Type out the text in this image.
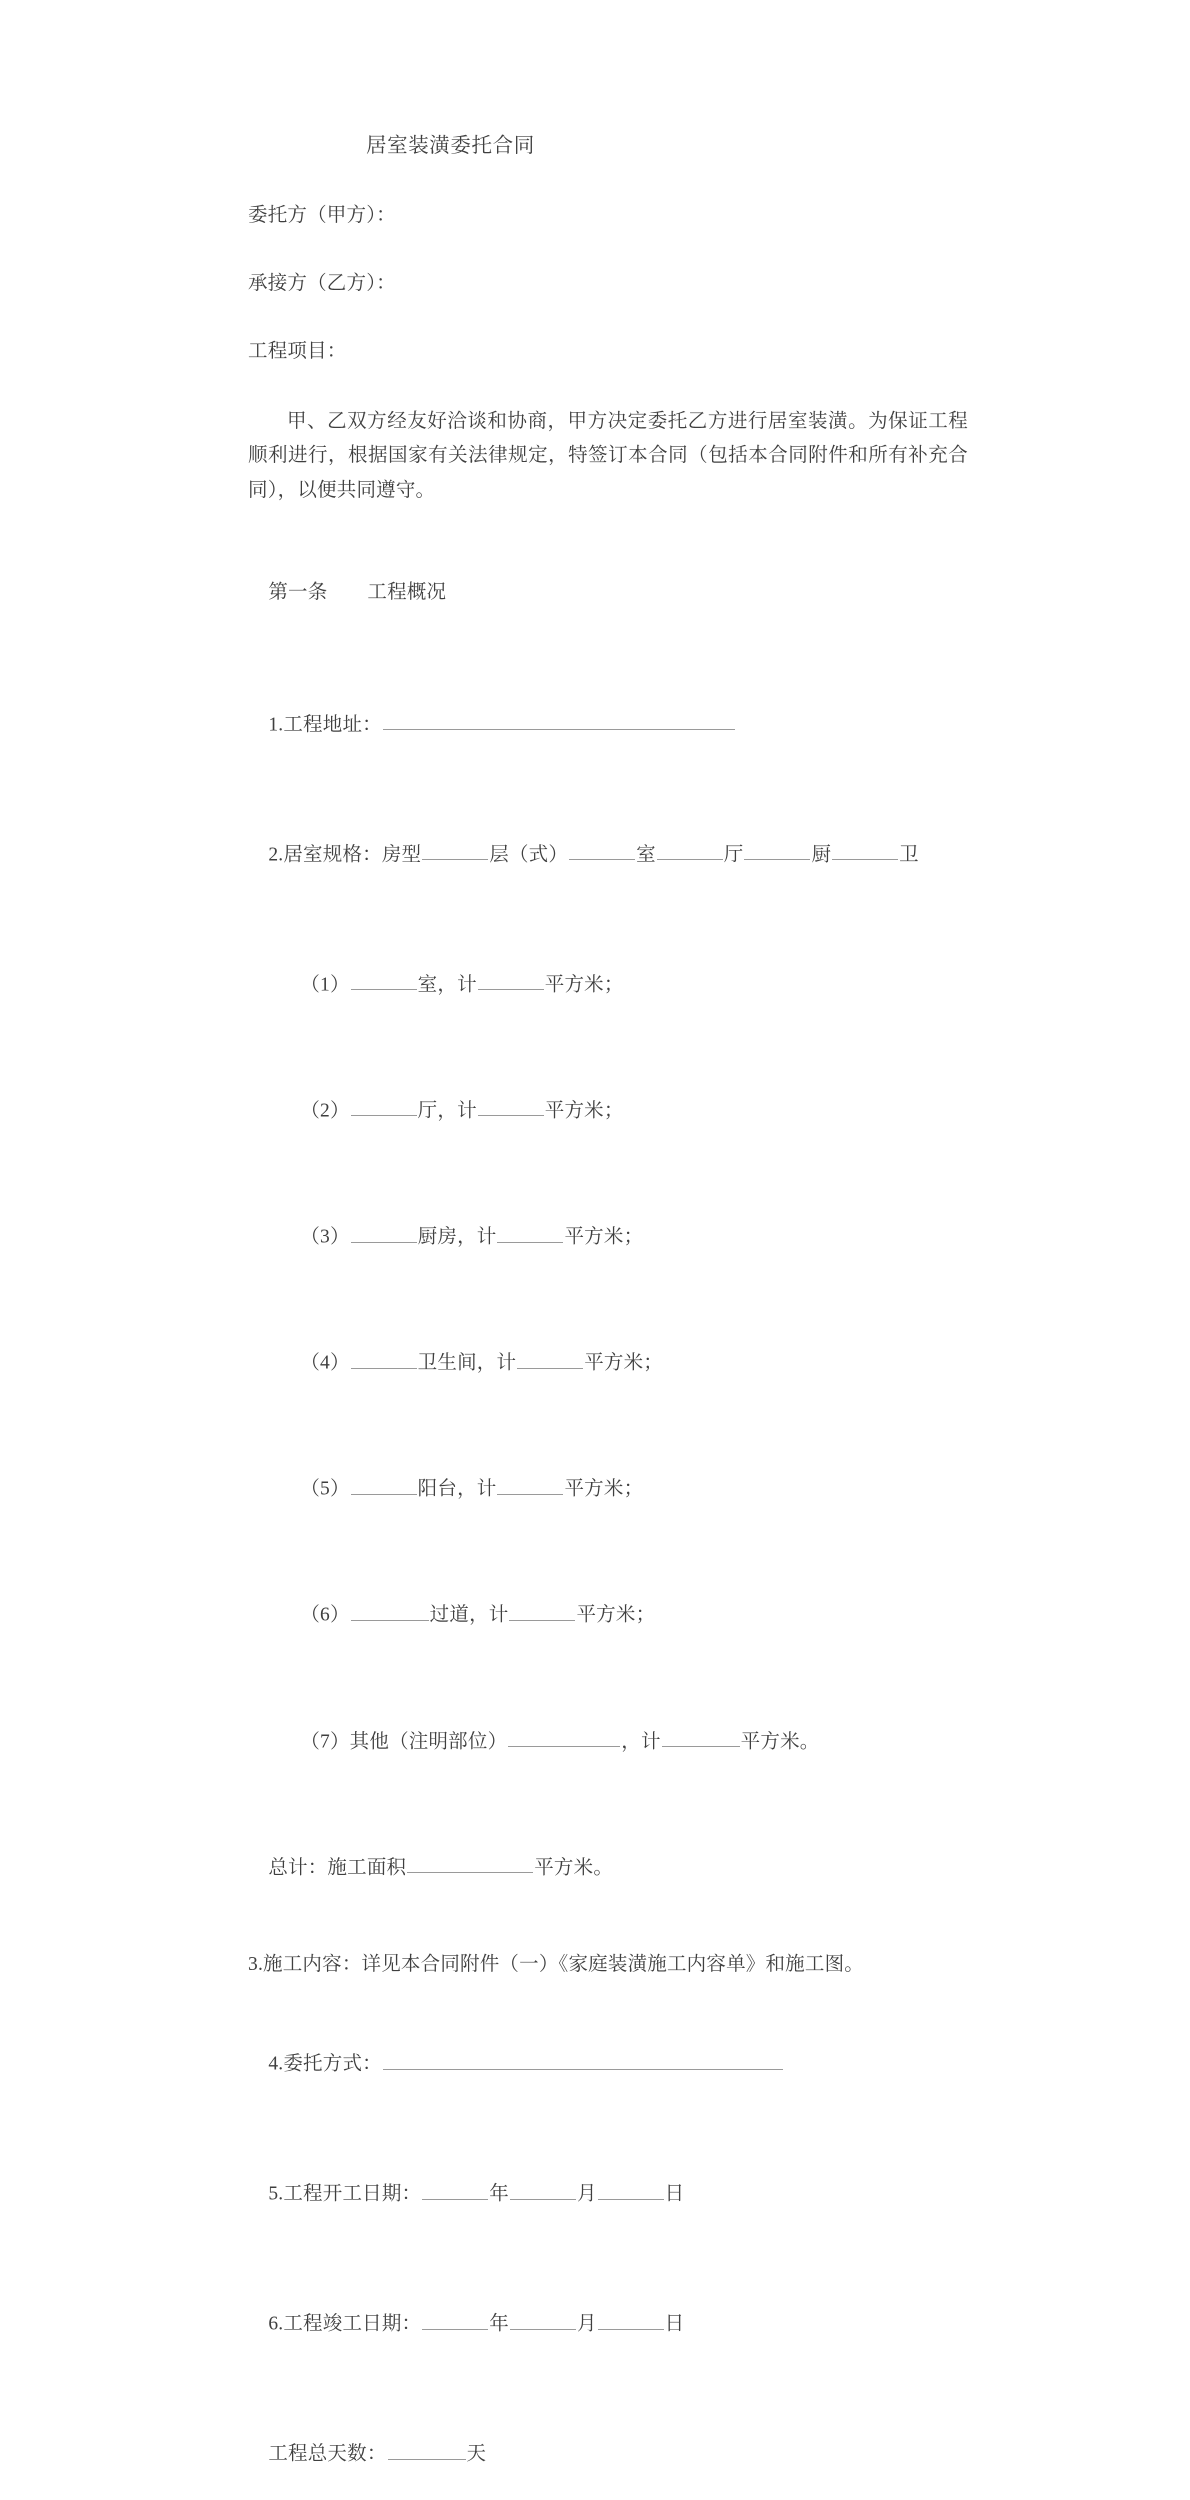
居室装潢委托合同

委托方（甲方）：

承接方（乙方）：

工程项目：

甲、乙双方经友好洽谈和协商，甲方决定委托乙方进行居室装潢。为保证工程顺利进行，根据国家有关法律规定，特签订本合同（包括本合同附件和所有补充合同），以便共同遵守。

第一条 工程概况

1.工程地址：

2.居室规格：房型	层（式）	室	厅	厨	卫

（1）	室，计	平方米；

（2）	厅，计	平方米；

（3）	厨房，计	平方米；

（4）	卫生间，计	平方米；

（5）	阳台，计	平方米；

（6）	过道，计	平方米；

（7）其他（注明部位）	，计	平方米。

总计：施工面积	平方米。

3.施工内容：详见本合同附件（一）《家庭装潢施工内容单》和施工图。

4.委托方式：

5.工程开工日期：	年	月	日

6.工程竣工日期：	年	月	日

工程总天数：	天
